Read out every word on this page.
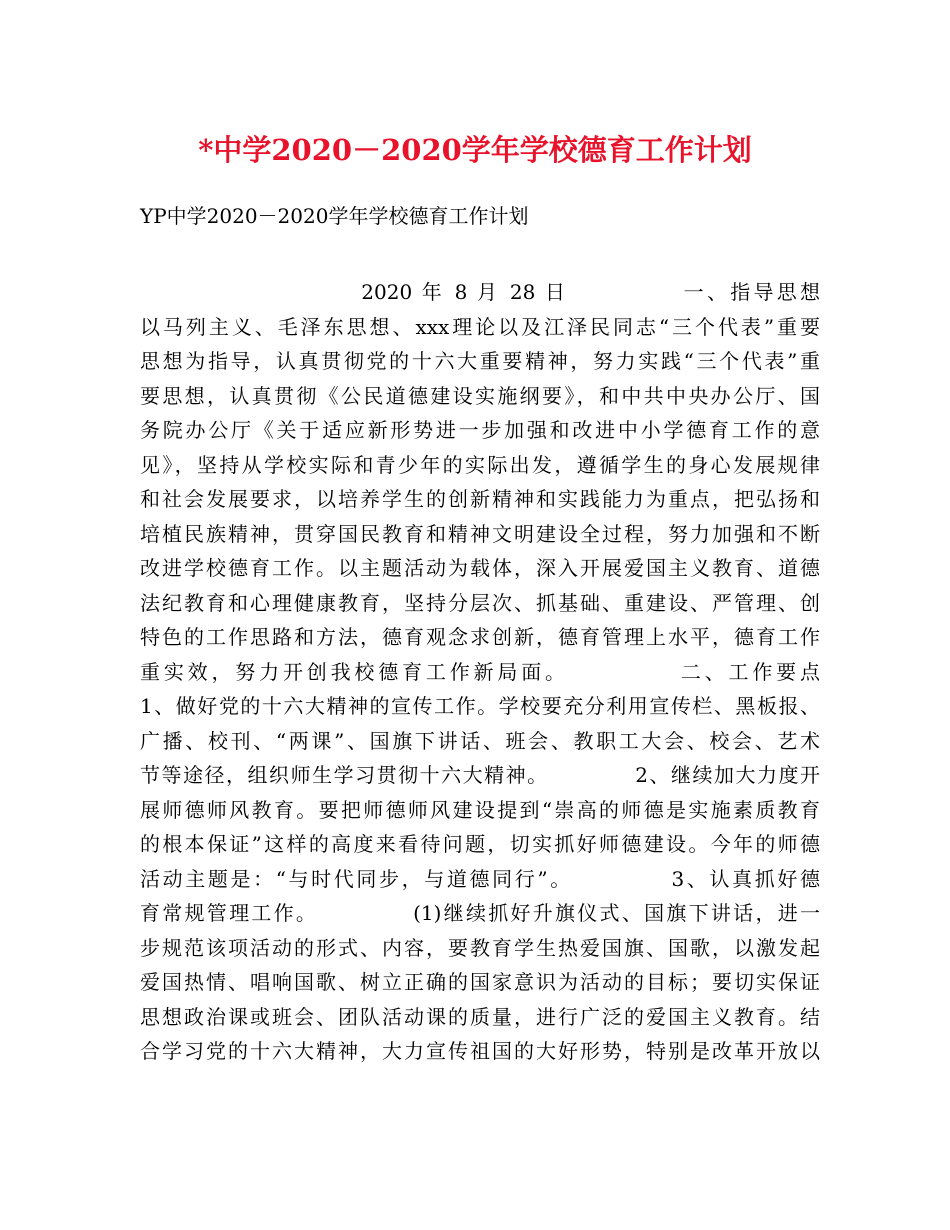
*中学2020－2020学年学校德育工作计划
YP中学2020－2020学年学校德育工作计划
2020 年 8 月 28 日            一、指导思想
以马列主义、毛泽东思想、xxx理论以及江泽民同志“三个代表”重要
思想为指导，认真贯彻党的十六大重要精神，努力实践“三个代表”重
要思想，认真贯彻《公民道德建设实施纲要》，和中共中央办公厅、国
务院办公厅《关于适应新形势进一步加强和改进中小学德育工作的意
见》，坚持从学校实际和青少年的实际出发，遵循学生的身心发展规律
和社会发展要求，以培养学生的创新精神和实践能力为重点，把弘扬和
培植民族精神，贯穿国民教育和精神文明建设全过程，努力加强和不断
改进学校德育工作。以主题活动为载体，深入开展爱国主义教育、道德
法纪教育和心理健康教育，坚持分层次、抓基础、重建设、严管理、创
特色的工作思路和方法，德育观念求创新，德育管理上水平，德育工作
重实效，努力开创我校德育工作新局面。           二、工作要点
1、做好党的十六大精神的宣传工作。学校要充分利用宣传栏、黑板报、
广播、校刊、“两课”、国旗下讲话、班会、教职工大会、校会、艺术
节等途径，组织师生学习贯彻十六大精神。           2、继续加大力度开
展师德师风教育。要把师德师风建设提到“崇高的师德是实施素质教育
的根本保证”这样的高度来看待问题，切实抓好师德建设。今年的师德
活动主题是：“与时代同步，与道德同行”。           3、认真抓好德
育常规管理工作。           (1)继续抓好升旗仪式、国旗下讲话，进一
步规范该项活动的形式、内容，要教育学生热爱国旗、国歌，以激发起
爱国热情、唱响国歌、树立正确的国家意识为活动的目标；要切实保证
思想政治课或班会、团队活动课的质量，进行广泛的爱国主义教育。结
合学习党的十六大精神，大力宣传祖国的大好形势，特别是改革开放以
